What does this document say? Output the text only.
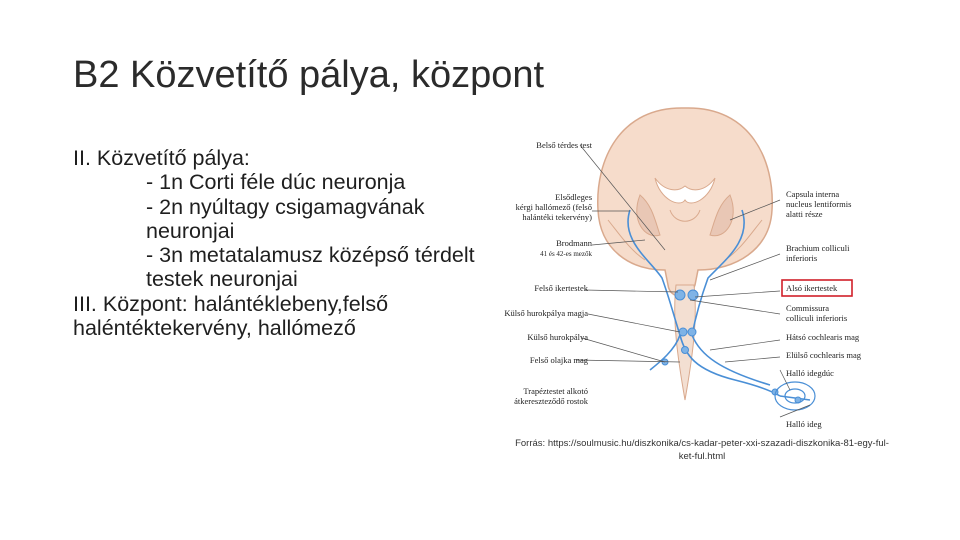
B2 Közvetítő pálya, központ
II. Közvetítő pálya:
- 1n Corti féle dúc neuronja
- 2n nyúltagy csigamagvának neuronjai
- 3n metatalamusz középső térdelt testek neuronjai
III. Központ: halántéklebeny,felső haléntéktekervény, hallómező
Belső térdes test
Elsődleges
kérgi hallómező (felső
halántéki tekervény)
Brodmann
41 és 42-es mezők
Felső ikertestek
Külső hurokpálya magja
Külső hurokpálya
Felső olajka mag
Trapéztestet alkotó
átkereszteződő rostok
Capsula interna
nucleus lentiformis
alatti része
Brachium colliculi
inferioris
Alsó ikertestek
Commissura
colliculi inferioris
Hátsó cochlearis mag
Elülső cochlearis mag
Halló idegdúc
Halló ideg
Forrás: https://soulmusic.hu/diszkonika/cs-kadar-peter-xxi-szazadi-diszkonika-81-egy-ful-ket-ful.html
